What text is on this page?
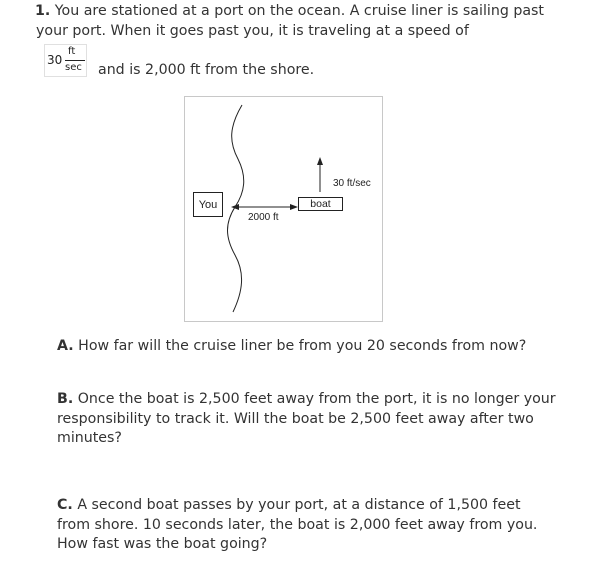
1. You are stationed at a port on the ocean. A cruise liner is sailing past your port. When it goes past you, it is traveling at a speed of
30
ft
sec and is 2,000 ft from the shore.
You	boat
2000 ft
30 ft/sec
A. How far will the cruise liner be from you 20 seconds from now?
B. Once the boat is 2,500 feet away from the port, it is no longer your responsibility to track it. Will the boat be 2,500 feet away after two minutes?
C. A second boat passes by your port, at a distance of 1,500 feet from shore. 10 seconds later, the boat is 2,000 feet away from you. How fast was the boat going?
